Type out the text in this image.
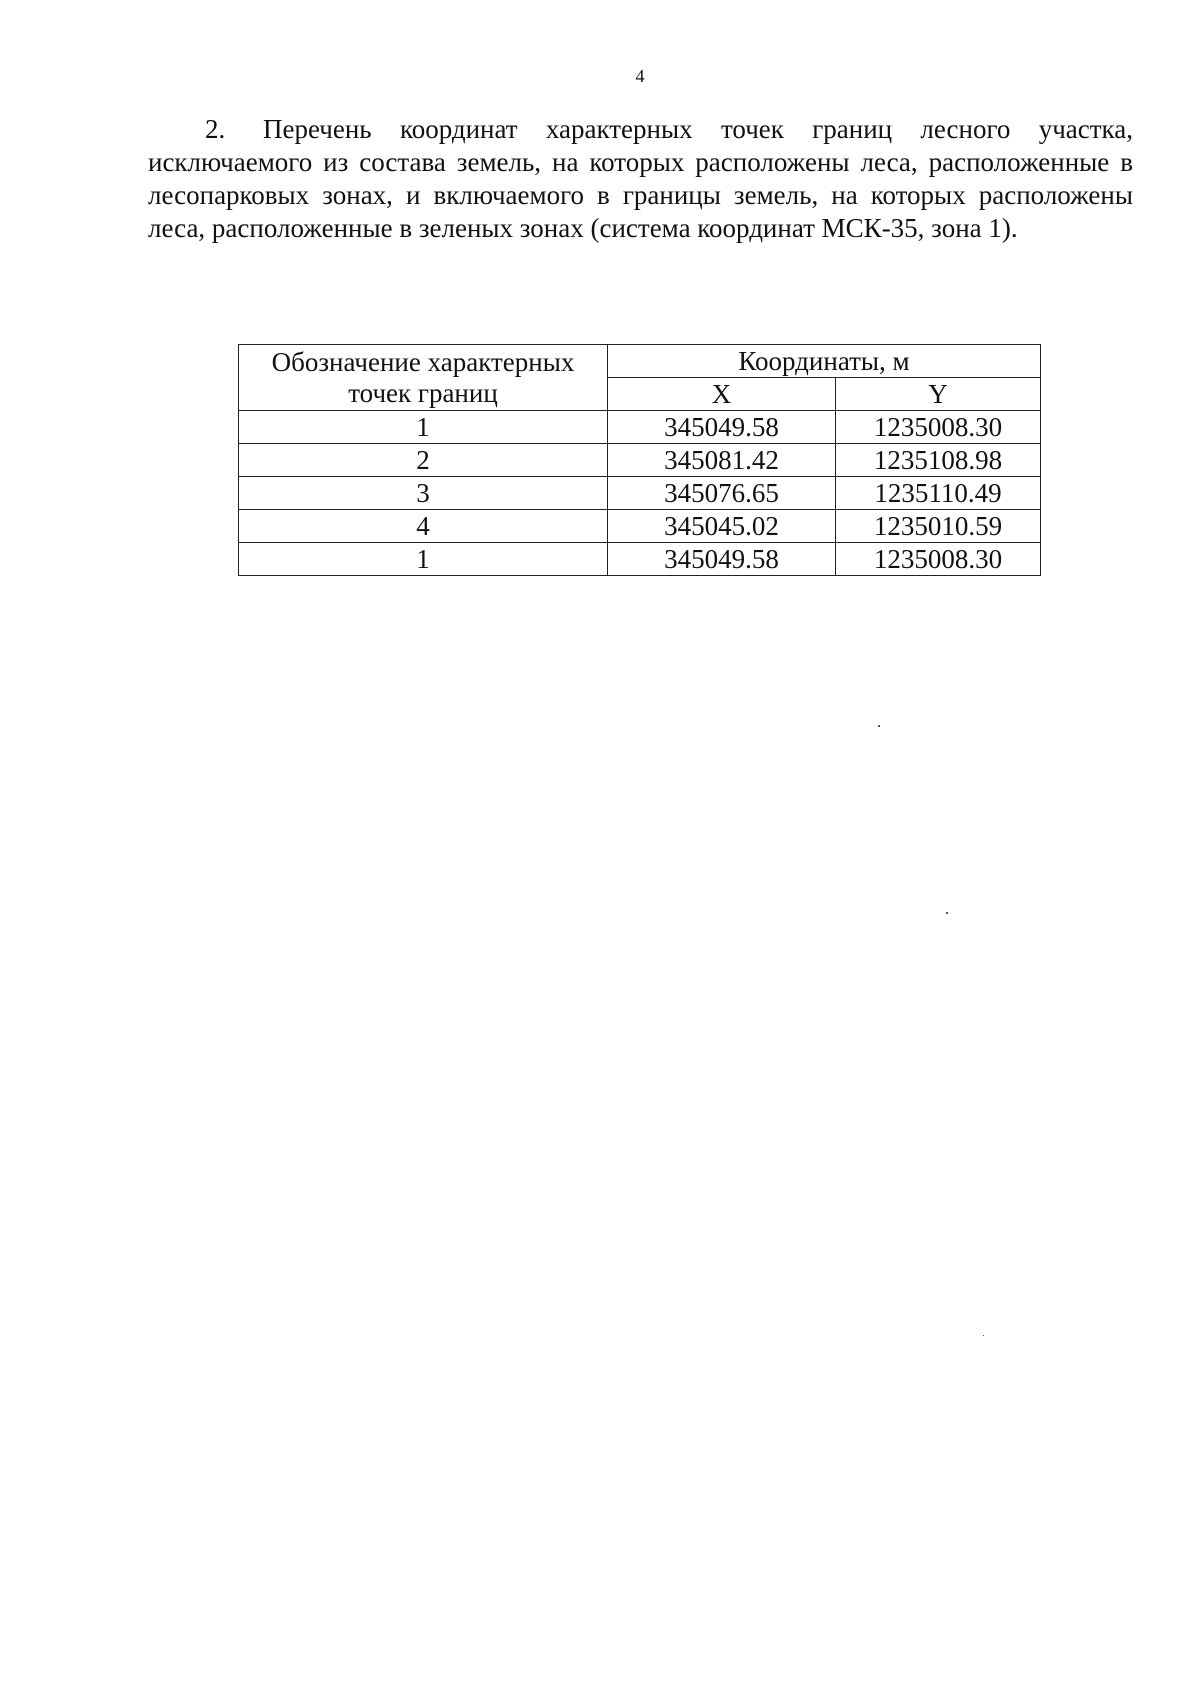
4
2. Перечень координат характерных точек границ лесного участка, исключаемого из состава земель, на которых расположены леса, расположенные в лесопарковых зонах, и включаемого в границы земель, на которых расположены леса, расположенные в зеленых зонах (система координат МСК-35, зона 1).
Обозначение характерных точек границ	Координаты, м	
	X	Y
1	345049.58	1235008.30
2	345081.42	1235108.98
3	345076.65	1235110.49
4	345045.02	1235010.59
1	345049.58	1235008.30
